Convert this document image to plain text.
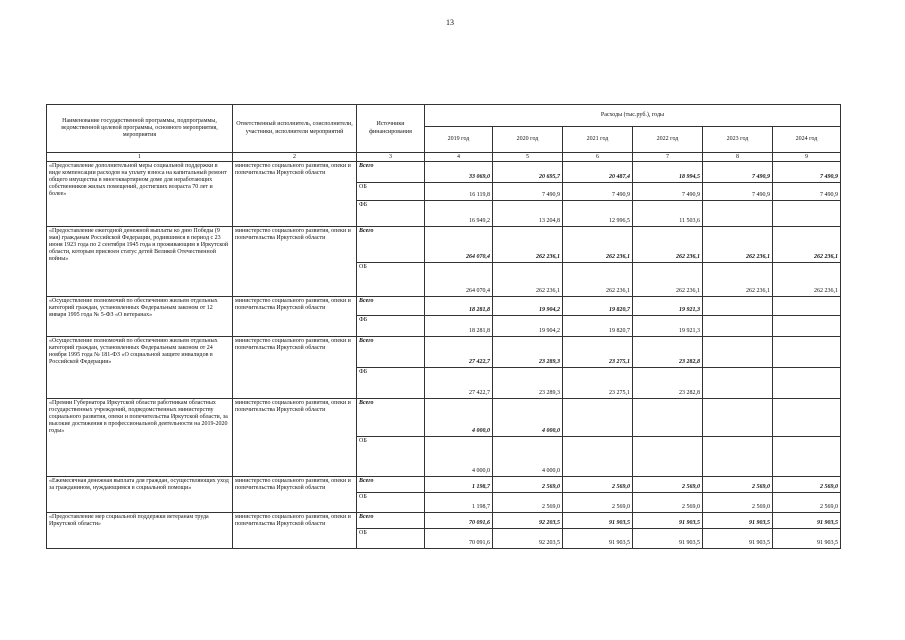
13
Наименование государственной программы, подпрограммы, ведомственной целевой программы, основного мероприятия, мероприятия	Ответственный исполнитель, соисполнители, участники, исполнители мероприятий	Источники финансирования	Расходы (тыс.руб.), годы					
			2019 год	2020 год	2021 год	2022 год	2023 год	2024 год
1	2	3	4	5	6	7	8	9
«Предоставление дополнительной меры социальной поддержки в виде компенсации расходов на уплату взноса на капитальный ремонт общего имущества в многоквартирном доме для неработающих собственников жилых помещений, достигших возраста 70 лет и более»	министерство социального развития, опеки и попечительства Иркутской области	Всего	33 069,0	20 695,7	20 487,4	18 994,5	7 490,9	7 490,9
		ОБ	16 119,8	7 490,9	7 490,9	7 490,9	7 490,9	7 490,9
		ФБ	16 949,2	13 204,8	12 996,5	11 503,6		
«Предоставление ежегодной денежной выплаты ко дню Победы (9 мая) гражданам Российской Федерации, родившимся в период с 23 июня 1923 года по 2 сентября 1945 года и проживающим в Иркутской области, которым присвоен статус детей Великой Отечественной войны»	министерство социального развития, опеки и попечительства Иркутской области	Всего	264 070,4	262 236,1	262 236,1	262 236,1	262 236,1	262 236,1
		ОБ	264 070,4	262 236,1	262 236,1	262 236,1	262 236,1	262 236,1
«Осуществление полномочий по обеспечению жильем отдельных категорий граждан, установленных Федеральным законом от 12 января 1995 года № 5-ФЗ «О ветеранах»	министерство социального развития, опеки и попечительства Иркутской области	Всего	18 281,8	19 904,2	19 820,7	19 921,3		
		ФБ	18 281,8	19 904,2	19 820,7	19 921,3		
«Осуществление полномочий по обеспечению жильем отдельных категорий граждан, установленных Федеральным законом от 24 ноября 1995 года № 181-ФЗ «О социальной защите инвалидов в Российской Федерации»	министерство социального развития, опеки и попечительства Иркутской области	Всего	27 422,7	23 289,3	23 275,1	23 282,8		
		ФБ	27 422,7	23 289,3	23 275,1	23 282,8		
«Премии Губернатора Иркутской области работникам областных государственных учреждений, подведомственных министерству социального развития, опеки и попечительства Иркутской области, за высокие достижения в профессиональной деятельности на 2019-2020 годы»	министерство социального развития, опеки и попечительства Иркутской области	Всего	4 000,0	4 000,0				
		ОБ	4 000,0	4 000,0				
«Ежемесячная денежная выплата для граждан, осуществляющих уход за гражданином, нуждающимся в социальной помощи»	министерство социального развития, опеки и попечительства Иркутской области	Всего	1 198,7	2 569,0	2 569,0	2 569,0	2 569,0	2 569,0
		ОБ	1 198,7	2 569,0	2 569,0	2 569,0	2 569,0	2 569,0
«Предоставление мер социальной поддержки ветеранам труда Иркутской области»	министерство социального развития, опеки и попечительства Иркутской области	Всего	70 091,6	92 203,5	91 903,5	91 903,5	91 903,5	91 903,5
		ОБ	70 091,6	92 203,5	91 903,5	91 903,5	91 903,5	91 903,5
